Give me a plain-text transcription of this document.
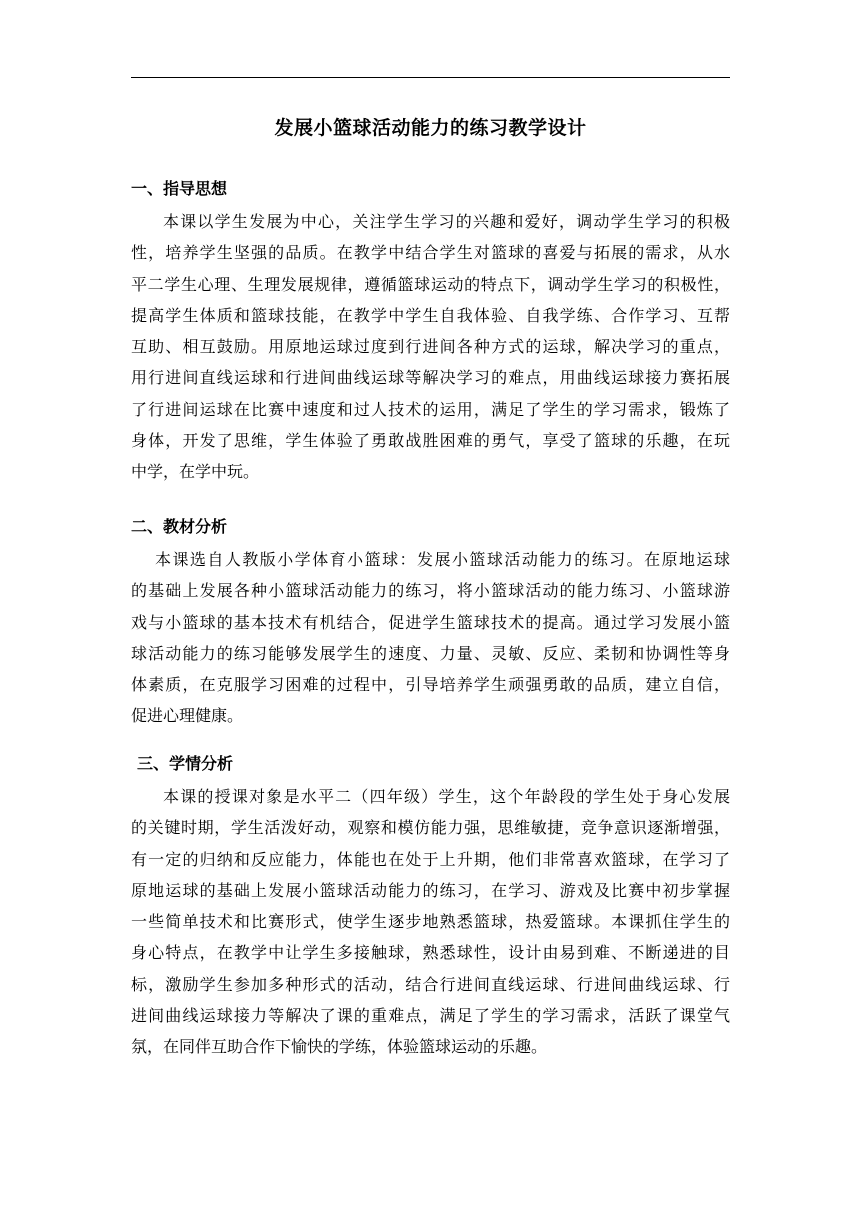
发展小篮球活动能力的练习教学设计
一、指导思想
本课以学生发展为中心，关注学生学习的兴趣和爱好，调动学生学习的积极
性，培养学生坚强的品质。在教学中结合学生对篮球的喜爱与拓展的需求，从水
平二学生心理、生理发展规律，遵循篮球运动的特点下，调动学生学习的积极性，
提高学生体质和篮球技能，在教学中学生自我体验、自我学练、合作学习、互帮
互助、相互鼓励。用原地运球过度到行进间各种方式的运球，解决学习的重点，
用行进间直线运球和行进间曲线运球等解决学习的难点，用曲线运球接力赛拓展
了行进间运球在比赛中速度和过人技术的运用，满足了学生的学习需求，锻炼了
身体，开发了思维，学生体验了勇敢战胜困难的勇气，享受了篮球的乐趣，在玩
中学，在学中玩。
二、教材分析
本课选自人教版小学体育小篮球：发展小篮球活动能力的练习。在原地运球
的基础上发展各种小篮球活动能力的练习，将小篮球活动的能力练习、小篮球游
戏与小篮球的基本技术有机结合，促进学生篮球技术的提高。通过学习发展小篮
球活动能力的练习能够发展学生的速度、力量、灵敏、反应、柔韧和协调性等身
体素质，在克服学习困难的过程中，引导培养学生顽强勇敢的品质，建立自信，
促进心理健康。
三、学情分析
本课的授课对象是水平二（四年级）学生，这个年龄段的学生处于身心发展
的关键时期，学生活泼好动，观察和模仿能力强，思维敏捷，竞争意识逐渐增强，
有一定的归纳和反应能力，体能也在处于上升期，他们非常喜欢篮球，在学习了
原地运球的基础上发展小篮球活动能力的练习，在学习、游戏及比赛中初步掌握
一些简单技术和比赛形式，使学生逐步地熟悉篮球，热爱篮球。本课抓住学生的
身心特点，在教学中让学生多接触球，熟悉球性，设计由易到难、不断递进的目
标，激励学生参加多种形式的活动，结合行进间直线运球、行进间曲线运球、行
进间曲线运球接力等解决了课的重难点，满足了学生的学习需求，活跃了课堂气
氛，在同伴互助合作下愉快的学练，体验篮球运动的乐趣。
